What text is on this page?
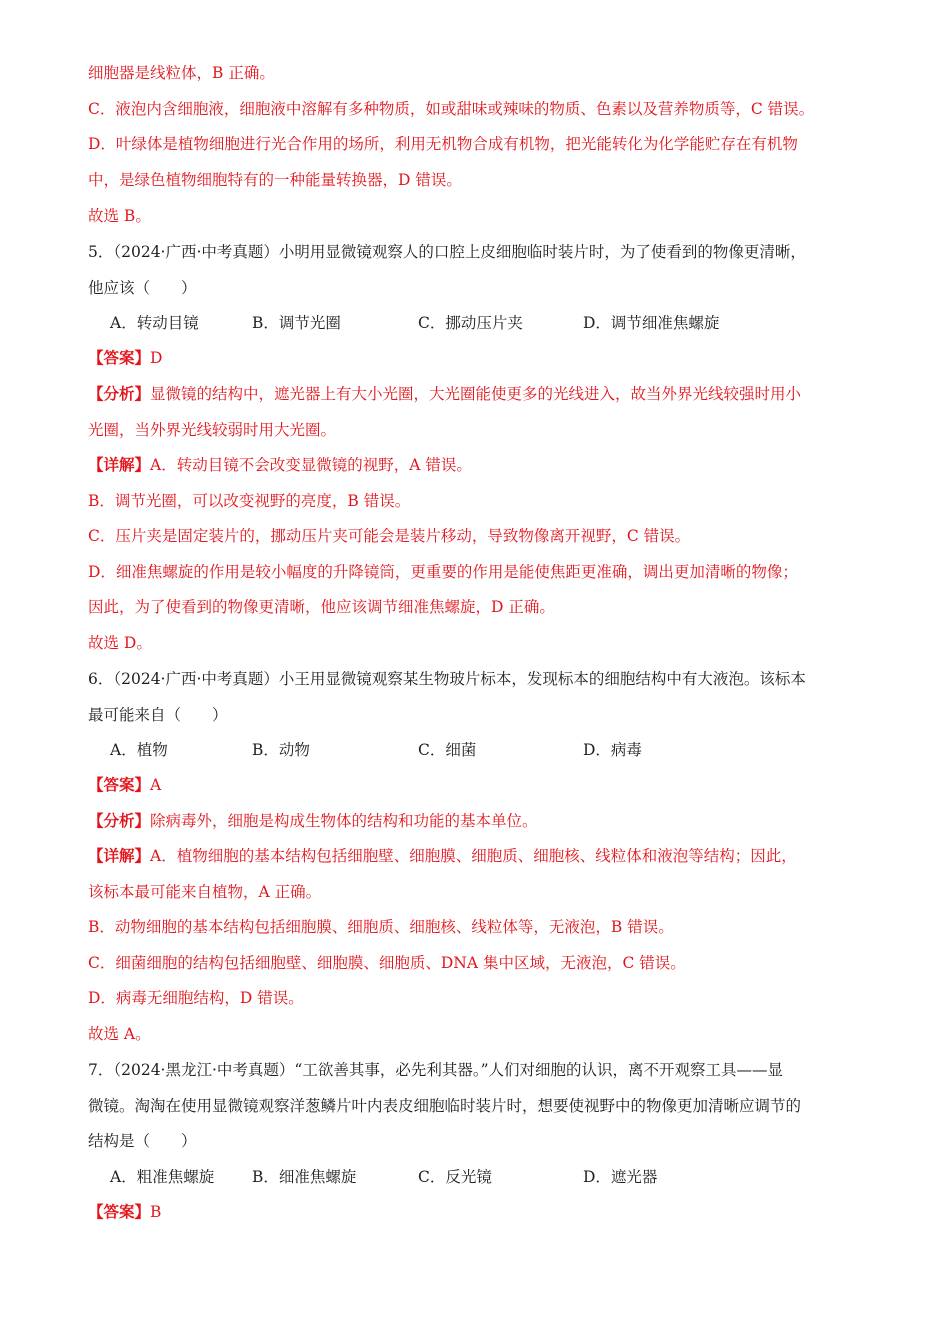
细胞器是线粒体，B 正确。
C．液泡内含细胞液，细胞液中溶解有多种物质，如或甜味或辣味的物质、色素以及营养物质等，C 错误。
D．叶绿体是植物细胞进行光合作用的场所，利用无机物合成有机物，把光能转化为化学能贮存在有机物
中，是绿色植物细胞特有的一种能量转换器，D 错误。
故选 B。
5．（2024·广西·中考真题）小明用显微镜观察人的口腔上皮细胞临时装片时，为了使看到的物像更清晰，
他应该（　　）
A．转动目镜	B．调节光圈	C．挪动压片夹	D．调节细准焦螺旋
【答案】D
【分析】显微镜的结构中，遮光器上有大小光圈，大光圈能使更多的光线进入，故当外界光线较强时用小
光圈，当外界光线较弱时用大光圈。
【详解】A．转动目镜不会改变显微镜的视野，A 错误。
B．调节光圈，可以改变视野的亮度，B 错误。
C．压片夹是固定装片的，挪动压片夹可能会是装片移动，导致物像离开视野，C 错误。
D．细准焦螺旋的作用是较小幅度的升降镜筒，更重要的作用是能使焦距更准确，调出更加清晰的物像；
因此，为了使看到的物像更清晰，他应该调节细准焦螺旋，D 正确。
故选 D。
6．（2024·广西·中考真题）小王用显微镜观察某生物玻片标本，发现标本的细胞结构中有大液泡。该标本
最可能来自（　　）
A．植物	B．动物	C．细菌	D．病毒
【答案】A
【分析】除病毒外，细胞是构成生物体的结构和功能的基本单位。
【详解】A．植物细胞的基本结构包括细胞壁、细胞膜、细胞质、细胞核、线粒体和液泡等结构；因此，
该标本最可能来自植物，A 正确。
B．动物细胞的基本结构包括细胞膜、细胞质、细胞核、线粒体等，无液泡，B 错误。
C．细菌细胞的结构包括细胞壁、细胞膜、细胞质、DNA 集中区域，无液泡，C 错误。
D．病毒无细胞结构，D 错误。
故选 A。
7．（2024·黑龙江·中考真题）“工欲善其事，必先利其器。”人们对细胞的认识，离不开观察工具——显
微镜。淘淘在使用显微镜观察洋葱鳞片叶内表皮细胞临时装片时，想要使视野中的物像更加清晰应调节的
结构是（　　）
A．粗准焦螺旋 B．细准焦螺旋	C．反光镜	D．遮光器
【答案】B
